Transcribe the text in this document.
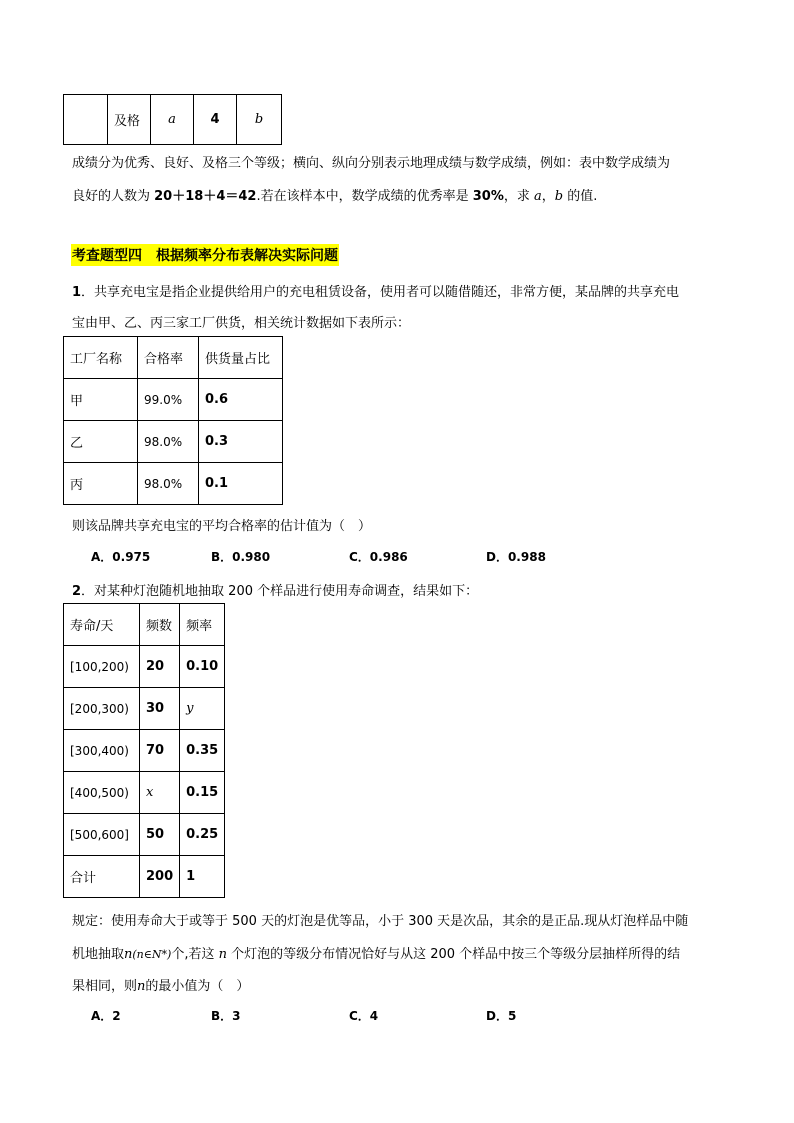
	及格	a	4	b
成绩分为优秀、良好、及格三个等级；横向、纵向分别表示地理成绩与数学成绩，例如：表中数学成绩为
良好的人数为 20＋18＋4＝42.若在该样本中，数学成绩的优秀率是 30%，求 a，b 的值.
考查题型四　根据频率分布表解决实际问题
1．共享充电宝是指企业提供给用户的充电租赁设备，使用者可以随借随还，非常方便，某品牌的共享充电
宝由甲、乙、丙三家工厂供货，相关统计数据如下表所示：
工厂名称	合格率	供货量占比
甲	99.0%	0.6
乙	98.0%	0.3
丙	98.0%	0.1
则该品牌共享充电宝的平均合格率的估计值为（　）
A．0.975	B．0.980	C．0.986	D．0.988
2．对某种灯泡随机地抽取 200 个样品进行使用寿命调查，结果如下：
寿命/天	频数	频率
[100,200)	20	0.10
[200,300)	30	y
[300,400)	70	0.35
[400,500)	x	0.15
[500,600]	50	0.25
合计	200	1
规定：使用寿命大于或等于 500 天的灯泡是优等品，小于 300 天是次品，其余的是正品.现从灯泡样品中随
机地抽取n(n∈N*)个,若这 n 个灯泡的等级分布情况恰好与从这 200 个样品中按三个等级分层抽样所得的结
果相同，则n的最小值为（　）
A．2	B．3	C．4	D．5
